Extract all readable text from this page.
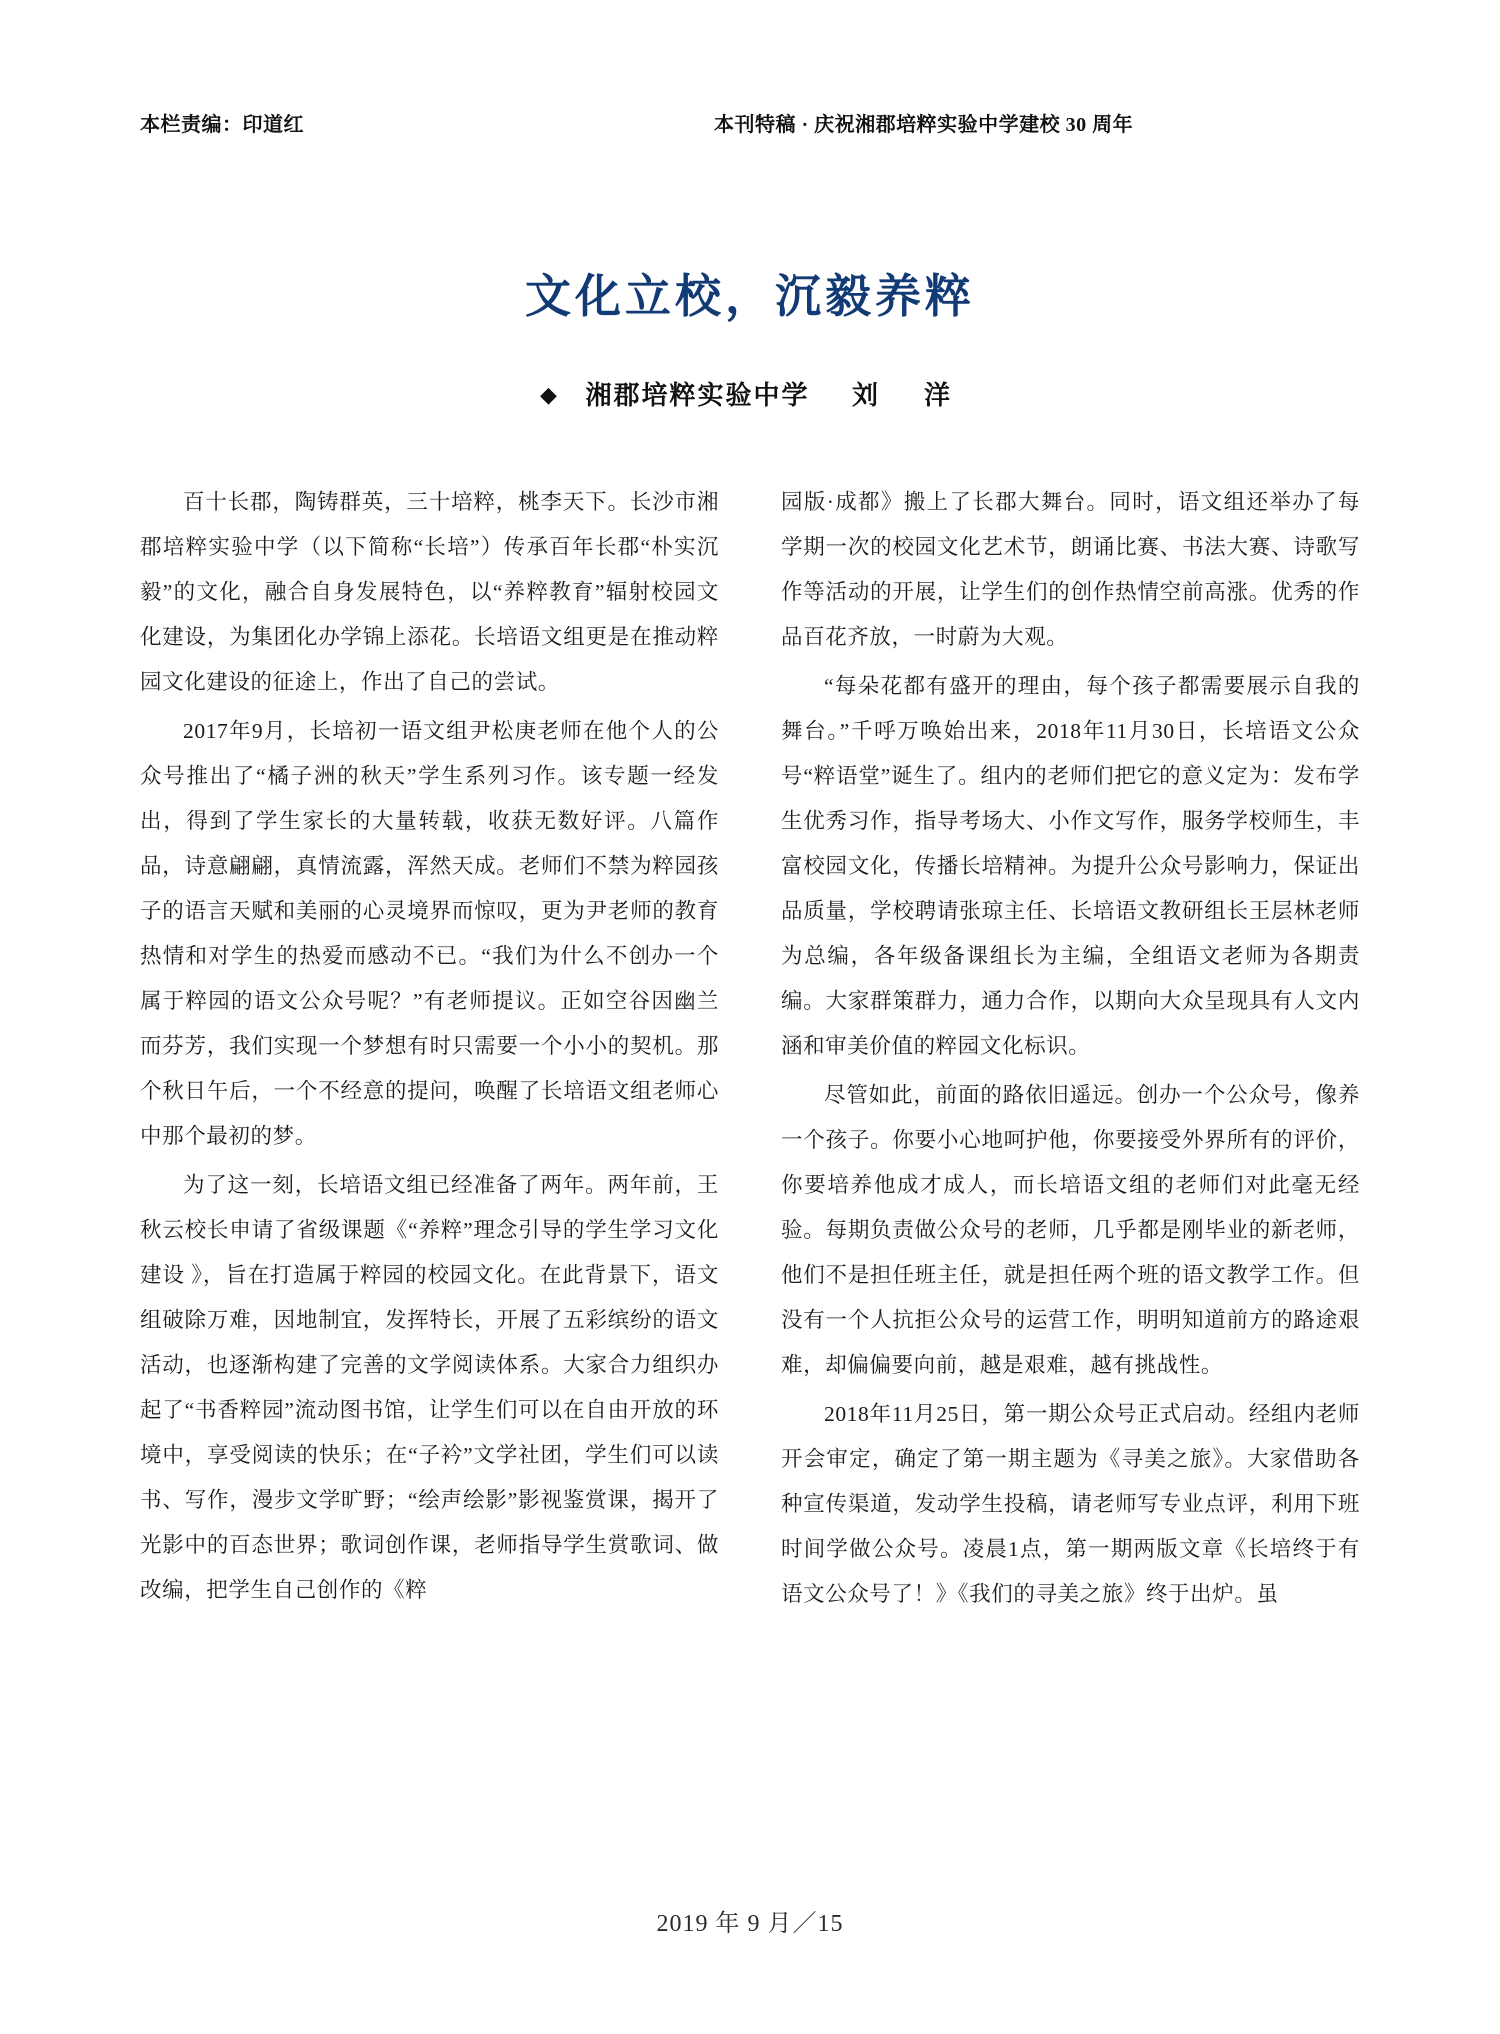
本栏责编：印道红	本刊特稿 · 庆祝湘郡培粹实验中学建校 30 周年
文化立校，沉毅养粹
◆ 湘郡培粹实验中学 刘　洋

百十长郡，陶铸群英，三十培粹，桃李天下。长沙市湘郡培粹实验中学（以下简称“长培”）传承百年长郡“朴实沉毅”的文化，融合自身发展特色，以“养粹教育”辐射校园文化建设，为集团化办学锦上添花。长培语文组更是在推动粹园文化建设的征途上，作出了自己的尝试。

2017年9月，长培初一语文组尹松庚老师在他个人的公众号推出了“橘子洲的秋天”学生系列习作。该专题一经发出，得到了学生家长的大量转载，收获无数好评。八篇作品，诗意翩翩，真情流露，浑然天成。老师们不禁为粹园孩子的语言天赋和美丽的心灵境界而惊叹，更为尹老师的教育热情和对学生的热爱而感动不已。“我们为什么不创办一个属于粹园的语文公众号呢？”有老师提议。正如空谷因幽兰而芬芳，我们实现一个梦想有时只需要一个小小的契机。那个秋日午后，一个不经意的提问，唤醒了长培语文组老师心中那个最初的梦。

为了这一刻，长培语文组已经准备了两年。两年前，王秋云校长申请了省级课题《“养粹”理念引导的学生学习文化建设 》，旨在打造属于粹园的校园文化。在此背景下，语文组破除万难，因地制宜，发挥特长，开展了五彩缤纷的语文活动，也逐渐构建了完善的文学阅读体系。大家合力组织办起了“书香粹园”流动图书馆，让学生们可以在自由开放的环境中，享受阅读的快乐；在“子衿”文学社团，学生们可以读书、写作，漫步文学旷野；“绘声绘影”影视鉴赏课，揭开了光影中的百态世界；歌词创作课，老师指导学生赏歌词、做改编，把学生自己创作的《粹

园版·成都》搬上了长郡大舞台。同时，语文组还举办了每学期一次的校园文化艺术节，朗诵比赛、书法大赛、诗歌写作等活动的开展，让学生们的创作热情空前高涨。优秀的作品百花齐放，一时蔚为大观。

“每朵花都有盛开的理由，每个孩子都需要展示自我的舞台。”千呼万唤始出来，2018年11月30日，长培语文公众号“粹语堂”诞生了。组内的老师们把它的意义定为：发布学生优秀习作，指导考场大、小作文写作，服务学校师生，丰富校园文化，传播长培精神。为提升公众号影响力，保证出品质量，学校聘请张琼主任、长培语文教研组长王层林老师为总编，各年级备课组长为主编，全组语文老师为各期责编。大家群策群力，通力合作，以期向大众呈现具有人文内涵和审美价值的粹园文化标识。

尽管如此，前面的路依旧遥远。创办一个公众号，像养一个孩子。你要小心地呵护他，你要接受外界所有的评价，你要培养他成才成人，而长培语文组的老师们对此毫无经验。每期负责做公众号的老师，几乎都是刚毕业的新老师，他们不是担任班主任，就是担任两个班的语文教学工作。但没有一个人抗拒公众号的运营工作，明明知道前方的路途艰难，却偏偏要向前，越是艰难，越有挑战性。

2018年11月25日，第一期公众号正式启动。经组内老师开会审定，确定了第一期主题为《寻美之旅》。大家借助各种宣传渠道，发动学生投稿，请老师写专业点评，利用下班时间学做公众号。凌晨1点，第一期两版文章《长培终于有语文公众号了！》《我们的寻美之旅》终于出炉。虽

2019 年 9 月／15
